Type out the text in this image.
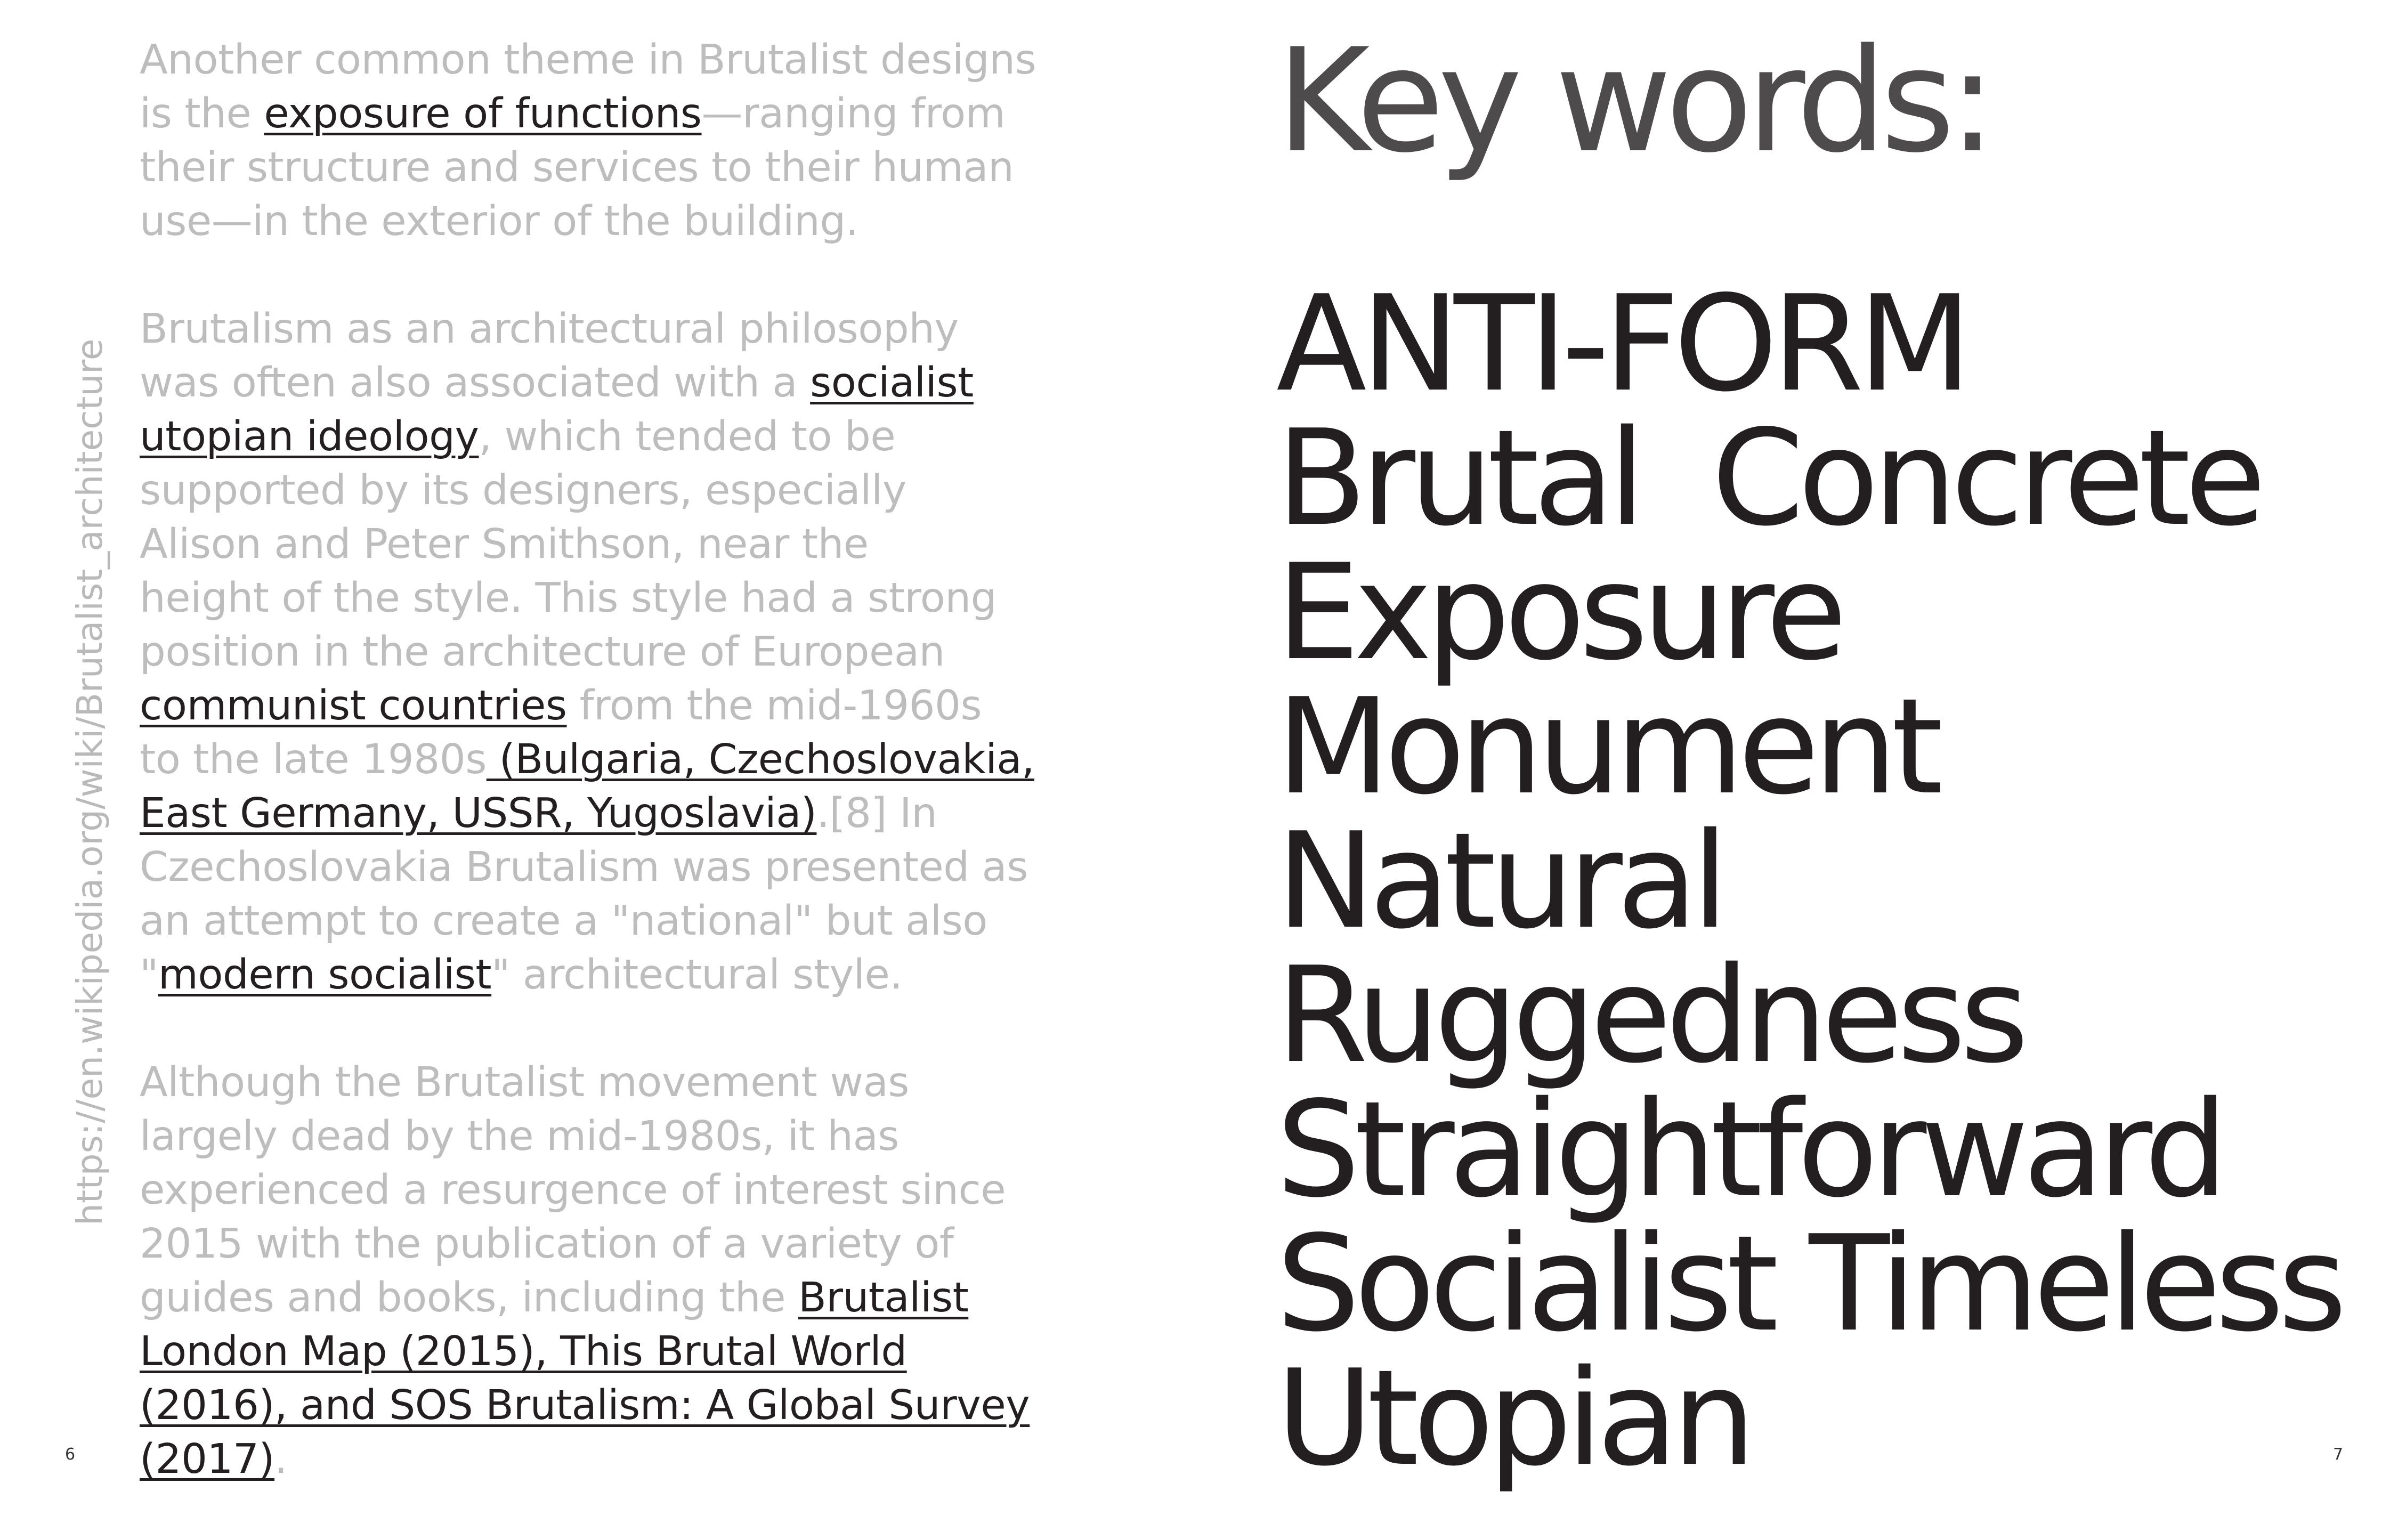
https://en.wikipedia.org/wiki/Brutalist_architecture

Another common theme in Brutalist designs
is the exposure of functions—ranging from
their structure and services to their human
use—in the exterior of the building.

Brutalism as an architectural philosophy
was often also associated with a socialist
utopian ideology, which tended to be
supported by its designers, especially
Alison and Peter Smithson, near the
height of the style. This style had a strong
position in the architecture of European
communist countries from the mid-1960s
to the late 1980s (Bulgaria, Czechoslovakia,
East Germany, USSR, Yugoslavia).[8] In
Czechoslovakia Brutalism was presented as
an attempt to create a "national" but also
"modern socialist" architectural style.

Although the Brutalist movement was
largely dead by the mid-1980s, it has
experienced a resurgence of interest since
2015 with the publication of a variety of
guides and books, including the Brutalist
London Map (2015), This Brutal World
(2016), and SOS Brutalism: A Global Survey
(2017).

6
Key words:
ANTI-FORM
Brutal  Concrete
Exposure
Monument
Natural
Ruggedness
Straightforward
Socialist Timeless
Utopian	7
